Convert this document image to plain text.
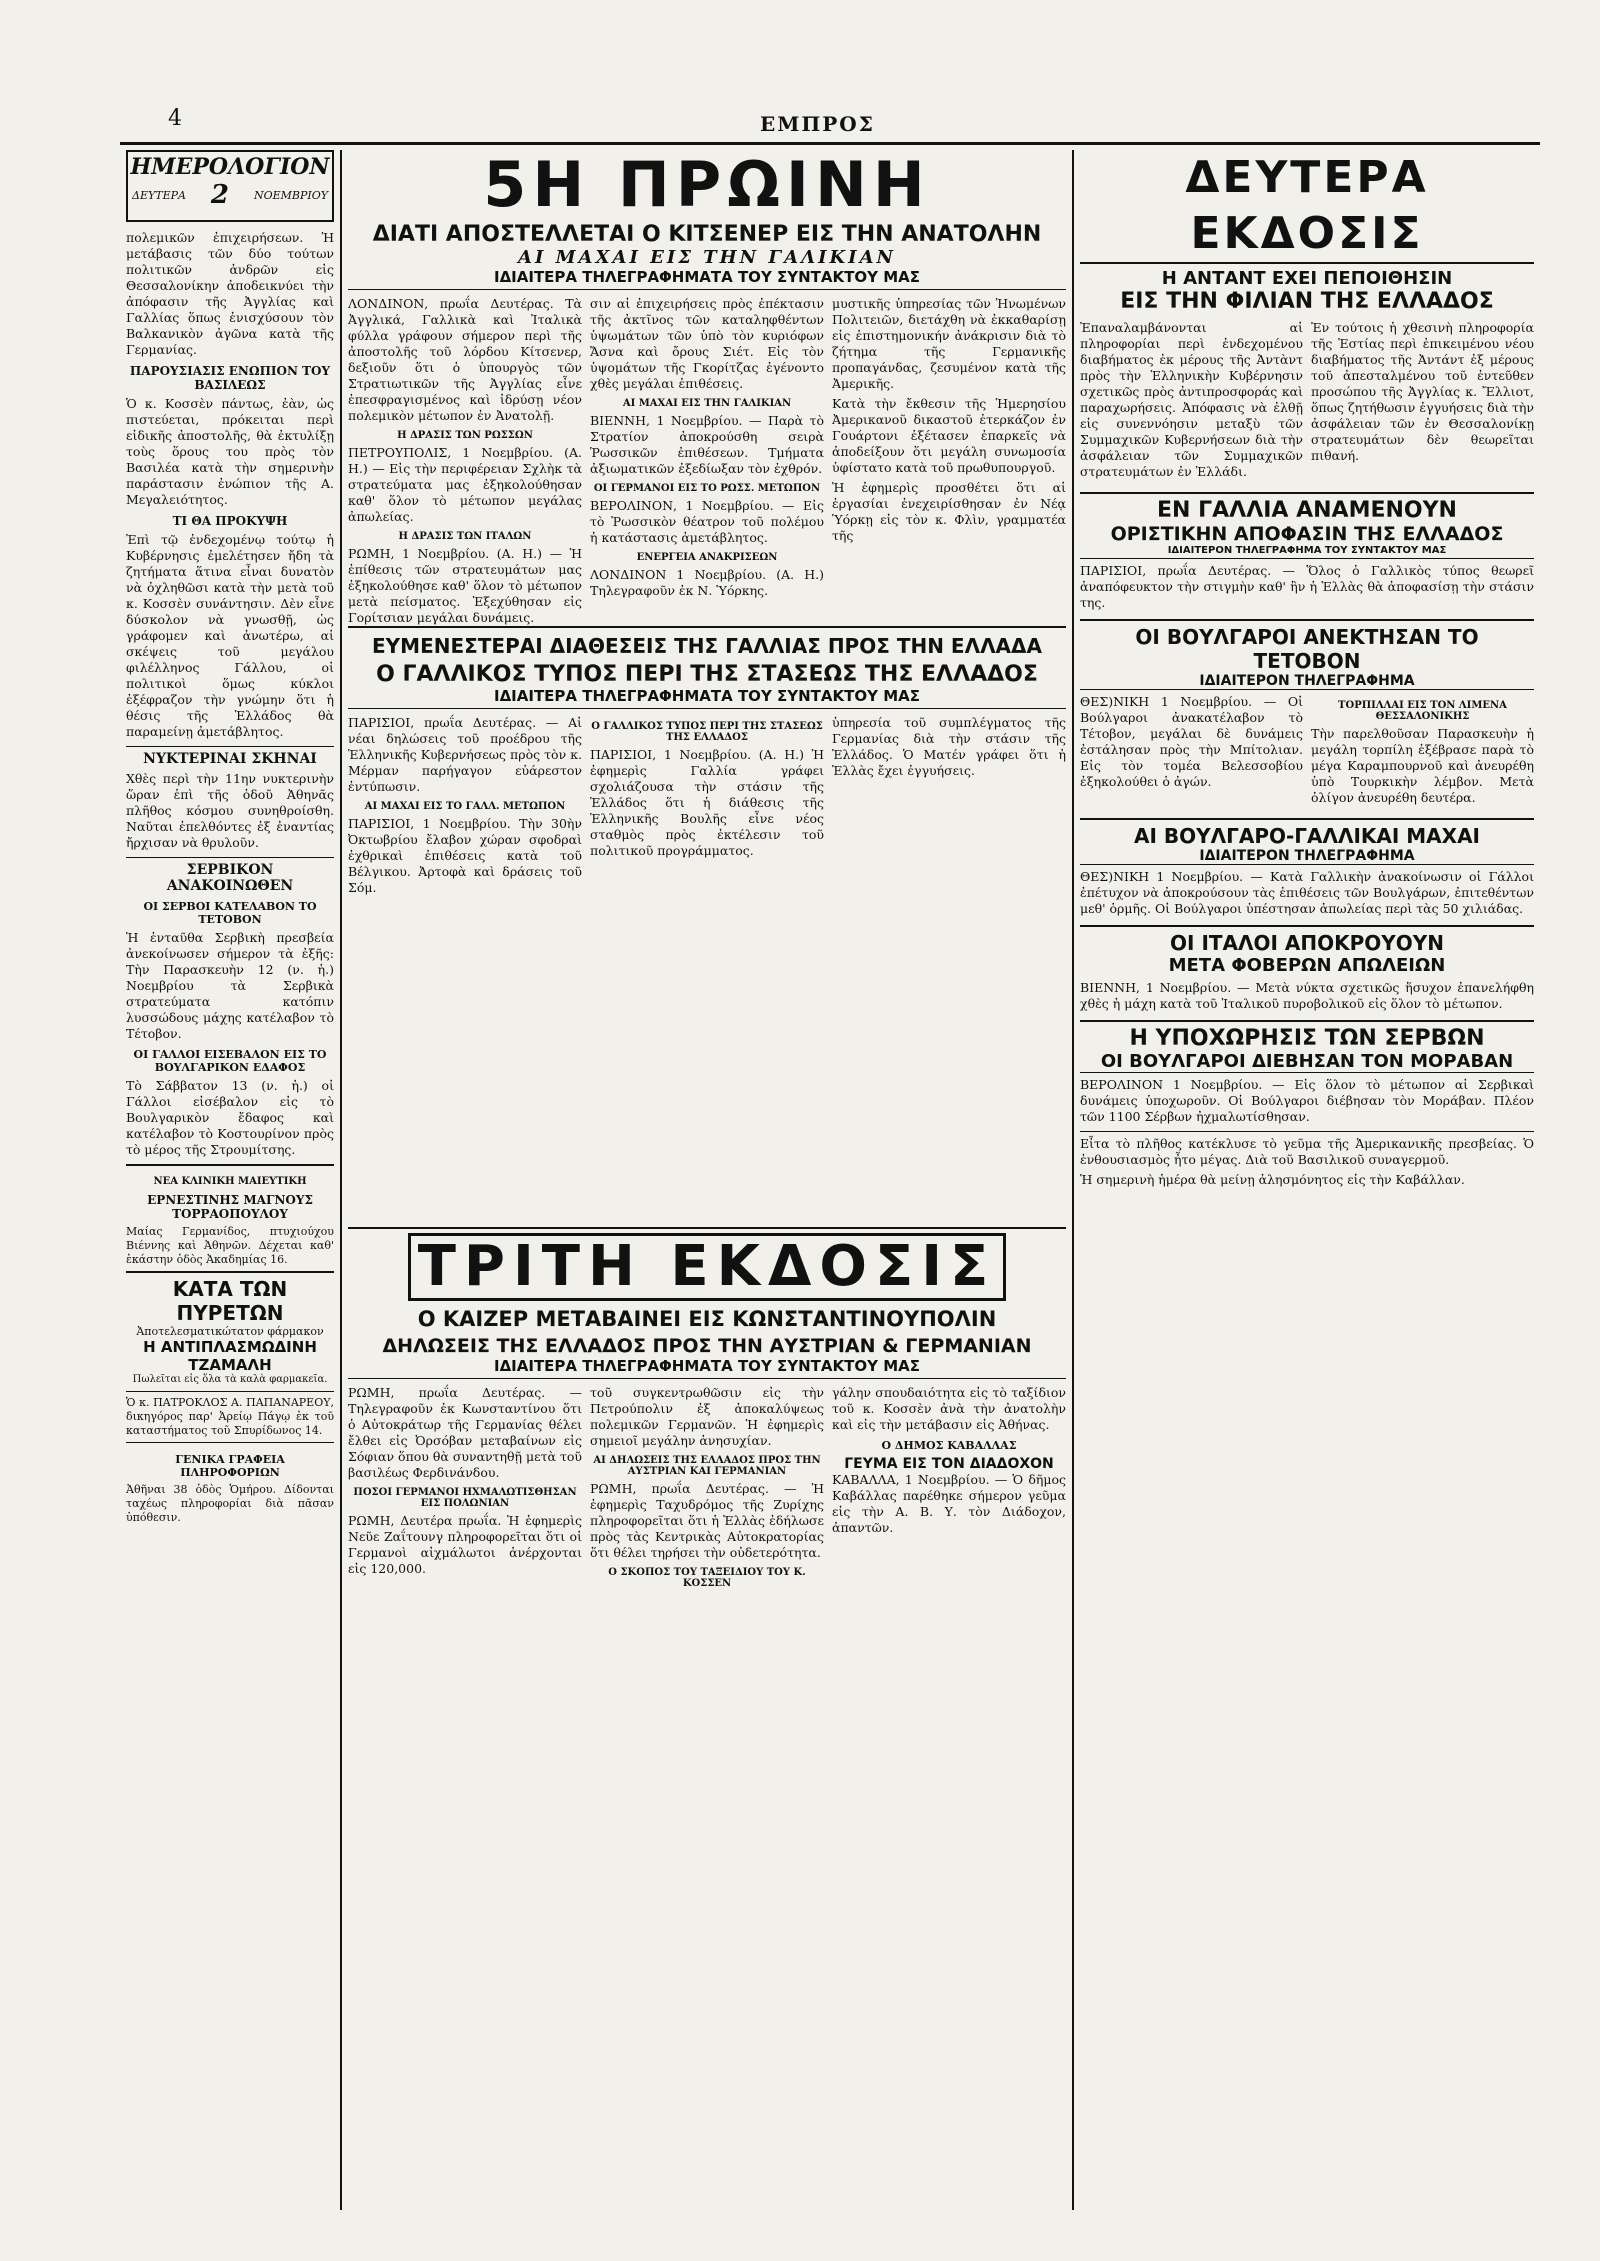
4	ΕΜΠΡΟΣ
ΗΜΕΡΟΛΟΓΙΟΝ
ΔΕΥΤΕΡΑ 2 ΝΟΕΜΒΡΙΟΥ

πολεμικῶν ἐπιχειρήσεων. Ἡ μετάβασις τῶν δύο τούτων πολιτικῶν ἀνδρῶν εἰς Θεσσαλονίκην ἀποδεικνύει τὴν ἀπόφασιν τῆς Ἀγγλίας καὶ Γαλλίας ὅπως ἐνισχύσουν τὸν Βαλκανικὸν ἀγῶνα κατὰ τῆς Γερμανίας.

ΠΑΡΟΥΣΙΑΣΙΣ ΕΝΩΠΙΟΝ ΤΟΥ ΒΑΣΙΛΕΩΣ

Ὁ κ. Κοσσὲν πάντως, ἐὰν, ὡς πιστεύεται, πρόκειται περὶ εἰδικῆς ἀποστολῆς, θὰ ἐκτυλίξῃ τοὺς ὅρους του πρὸς τὸν Βασιλέα κατὰ τὴν σημερινὴν παράστασιν ἐνώπιον τῆς Α. Μεγαλειότητος.

ΤΙ ΘΑ ΠΡΟΚΥΨΗ

Ἐπὶ τῷ ἐνδεχομένῳ τούτῳ ἡ Κυβέρνησις ἐμελέτησεν ἤδη τὰ ζητήματα ἅτινα εἶναι δυνατὸν νὰ ὀχληθῶσι κατὰ τὴν μετὰ τοῦ κ. Κοσσὲν συνάντησιν. Δὲν εἶνε δύσκολον νὰ γνωσθῇ, ὡς γράφομεν καὶ ἀνωτέρω, αἱ σκέψεις τοῦ μεγάλου φιλέλληνος Γάλλου, οἱ πολιτικοὶ ὅμως κύκλοι ἐξέφραζον τὴν γνώμην ὅτι ἡ θέσις τῆς Ἑλλάδος θὰ παραμείνῃ ἀμετάβλητος.

ΝΥΚΤΕΡΙΝΑΙ ΣΚΗΝΑΙ

Χθὲς περὶ τὴν 11ην νυκτερινὴν ὥραν ἐπὶ τῆς ὁδοῦ Ἀθηνᾶς πλῆθος κόσμου συνηθροίσθη. Ναῦται ἐπελθόντες ἐξ ἐναντίας ἤρχισαν νὰ θρυλοῦν.

ΣΕΡΒΙΚΟΝ ΑΝΑΚΟΙΝΩΘΕΝ
ΟΙ ΣΕΡΒΟΙ ΚΑΤΕΛΑΒΟΝ ΤΟ ΤΕΤΟΒΟΝ

Ἡ ἐνταῦθα Σερβικὴ πρεσβεία ἀνεκοίνωσεν σήμερον τὰ ἐξῆς: Τὴν Παρασκευὴν 12 (ν. ἡ.) Νοεμβρίου τὰ Σερβικὰ στρατεύματα κατόπιν λυσσώδους μάχης κατέλαβον τὸ Τέτοβον.

ΟΙ ΓΑΛΛΟΙ ΕΙΣΕΒΑΛΟΝ ΕΙΣ ΤΟ ΒΟΥΛΓΑΡΙΚΟΝ ΕΔΑΦΟΣ

Τὸ Σάββατον 13 (ν. ἡ.) οἱ Γάλλοι εἰσέβαλον εἰς τὸ Βουλγαρικὸν ἔδαφος καὶ κατέλαβον τὸ Κοστουρίνον πρὸς τὸ μέρος τῆς Στρουμίτσης.

ΝΕΑ ΚΛΙΝΙΚΗ ΜΑΙΕΥΤΙΚΗ
ΕΡΝΕΣΤΙΝΗΣ ΜΑΓΝΟΥΣ ΤΟΡΡΑΟΠΟΥΛΟΥ

Μαίας Γερμανίδος, πτυχιούχου Βιέννης καὶ Ἀθηνῶν. Δέχεται καθ' ἑκάστην ὁδὸς Ἀκαδημίας 16.

ΚΑΤΑ ΤΩΝ ΠΥΡΕΤΩΝ
Ἀποτελεσματικώτατον φάρμακον
Η ΑΝΤΙΠΛΑΣΜΩΔΙΝΗ ΤΖΑΜΑΛΗ

Πωλεῖται εἰς ὅλα τὰ καλὰ φαρμακεῖα.

Ὁ κ. ΠΑΤΡΟΚΛΟΣ Α. ΠΑΠΑΝΑΡΕΟΥ, δικηγόρος παρ' Ἀρείῳ Πάγῳ ἐκ τοῦ καταστήματος τοῦ Σπυρίδωνος 14.

ΓΕΝΙΚΑ ΓΡΑΦΕΙΑ ΠΛΗΡΟΦΟΡΙΩΝ

Ἀθῆναι 38 ὁδὸς Ὁμήρου. Δίδονται ταχέως πληροφορίαι διὰ πᾶσαν ὑπόθεσιν.

5Η ΠΡΩΙΝΗ
ΔΙΑΤΙ ΑΠΟΣΤΕΛΛΕΤΑΙ Ο ΚΙΤΣΕΝΕΡ ΕΙΣ ΤΗΝ ΑΝΑΤΟΛΗΝ
ΑΙ ΜΑΧΑΙ ΕΙΣ ΤΗΝ ΓΑΛΙΚΙΑΝ
ΙΔΙΑΙΤΕΡΑ ΤΗΛΕΓΡΑΦΗΜΑΤΑ ΤΟΥ ΣΥΝΤΑΚΤΟΥ ΜΑΣ

ΛΟΝΔΙΝΟΝ, πρωΐα Δευτέρας. Τὰ Ἀγγλικά, Γαλλικὰ καὶ Ἰταλικὰ φύλλα γράφουν σήμερον περὶ τῆς ἀποστολῆς τοῦ λόρδου Κίτσενερ, δεξιοῦν ὅτι ὁ ὑπουργὸς τῶν Στρατιωτικῶν τῆς Ἀγγλίας εἶνε ἐπεσφραγισμένος καὶ ἰδρύσῃ νέον πολεμικὸν μέτωπον ἐν Ἀνατολῇ.

Η ΔΡΑΣΙΣ ΤΩΝ ΡΩΣΣΩΝ

ΠΕΤΡΟΥΠΟΛΙΣ, 1 Νοεμβρίου. (Α. Η.) — Εἰς τὴν περιφέρειαν Σχλὴκ τὰ στρατεύματα μας ἐξηκολούθησαν καθ' ὅλον τὸ μέτωπον μεγάλας ἀπωλείας.

Η ΔΡΑΣΙΣ ΤΩΝ ΙΤΑΛΩΝ

ΡΩΜΗ, 1 Νοεμβρίου. (Α. Η.) — Ἡ ἐπίθεσις τῶν στρατευμάτων μας ἐξηκολούθησε καθ' ὅλον τὸ μέτωπον μετὰ πείσματος. Ἐξεχύθησαν εἰς Γορίτσιαν μεγάλαι δυνάμεις.

σιν αἱ ἐπιχειρήσεις πρὸς ἐπέκτασιν τῆς ἀκτῖνος τῶν καταληφθέντων ὑψωμάτων τῶν ὑπὸ τὸν κυριόφων Ἄσνα καὶ ὄρους Σιέτ. Εἰς τὸν ὑψομάτων τῆς Γκορίτζας ἐγένοντο χθὲς μεγάλαι ἐπιθέσεις.

ΑΙ ΜΑΧΑΙ ΕΙΣ ΤΗΝ ΓΑΛΙΚΙΑΝ

ΒΙΕΝΝΗ, 1 Νοεμβρίου. — Παρὰ τὸ Στρατίον ἀποκρούσθη σειρὰ Ῥωσσικῶν ἐπιθέσεων. Τμήματα ἀξιωματικῶν ἐξεδίωξαν τὸν ἐχθρόν.

ΟΙ ΓΕΡΜΑΝΟΙ ΕΙΣ ΤΟ ΡΩΣΣ. ΜΕΤΩΠΟΝ

ΒΕΡΟΛΙΝΟΝ, 1 Νοεμβρίου. — Εἰς τὸ Ῥωσσικὸν θέατρον τοῦ πολέμου ἡ κατάστασις ἀμετάβλητος.

ΕΝΕΡΓΕΙΑ ΑΝΑΚΡΙΣΕΩΝ

ΛΟΝΔΙΝΟΝ 1 Νοεμβρίου. (Α. Η.) Τηλεγραφοῦν ἐκ Ν. Ὑόρκης.

μυστικῆς ὑπηρεσίας τῶν Ἡνωμένων Πολιτειῶν, διετάχθη νὰ ἐκκαθαρίσῃ εἰς ἐπιστημονικήν ἀνάκρισιν διὰ τὸ ζήτημα τῆς Γερμανικῆς προπαγάνδας, ζεσυμένον κατὰ τῆς Ἀμερικῆς.

Κατὰ τὴν ἔκθεσιν τῆς Ἡμερησίου Ἀμερικανοῦ δικαστοῦ ἐτερκάζον ἐν Γουάρτονι ἐξέτασεν ἐπαρκεῖς νὰ ἀποδείξουν ὅτι μεγάλη συνωμοσία ὑφίστατο κατὰ τοῦ πρωθυπουργοῦ.

Ἡ ἐφημερὶς προσθέτει ὅτι αἱ ἐργασίαι ἐνεχειρίσθησαν ἐν Νέᾳ Ὑόρκῃ εἰς τὸν κ. Φλὶν, γραμματέα τῆς

ΕΥΜΕΝΕΣΤΕΡΑΙ ΔΙΑΘΕΣΕΙΣ ΤΗΣ ΓΑΛΛΙΑΣ ΠΡΟΣ ΤΗΝ ΕΛΛΑΔΑ
Ο ΓΑΛΛΙΚΟΣ ΤΥΠΟΣ ΠΕΡΙ ΤΗΣ ΣΤΑΣΕΩΣ ΤΗΣ ΕΛΛΑΔΟΣ
ΙΔΙΑΙΤΕΡΑ ΤΗΛΕΓΡΑΦΗΜΑΤΑ ΤΟΥ ΣΥΝΤΑΚΤΟΥ ΜΑΣ

ΠΑΡΙΣΙΟΙ, πρωΐα Δευτέρας. — Αἱ νέαι δηλώσεις τοῦ προέδρου τῆς Ἑλληνικῆς Κυβερνήσεως πρὸς τὸν κ. Μέρμαν παρήγαγον εὐάρεστον ἐντύπωσιν.

ΑΙ ΜΑΧΑΙ ΕΙΣ ΤΟ ΓΑΛΛ. ΜΕΤΩΠΟΝ

ΠΑΡΙΣΙΟΙ, 1 Νοεμβρίου. Τὴν 30ὴν Ὀκτωβρίου ἔλαβον χώραν σφοδραὶ ἐχθρικαὶ ἐπιθέσεις κατὰ τοῦ Βέλγικου. Ἀρτοφὰ καὶ δράσεις τοῦ Σόμ.

Ο ΓΑΛΛΙΚΟΣ ΤΥΠΟΣ ΠΕΡΙ ΤΗΣ ΣΤΑΣΕΩΣ ΤΗΣ ΕΛΛΑΔΟΣ

ΠΑΡΙΣΙΟΙ, 1 Νοεμβρίου. (Α. Η.) Ἡ ἐφημερὶς Γαλλία γράφει σχολιάζουσα τὴν στάσιν τῆς Ἑλλάδος ὅτι ἡ διάθεσις τῆς Ἑλληνικῆς Βουλῆς εἶνε νέος σταθμὸς πρὸς ἐκτέλεσιν τοῦ πολιτικοῦ προγράμματος.

ὑπηρεσία τοῦ συμπλέγματος τῆς Γερμανίας διὰ τὴν στάσιν τῆς Ἑλλάδος. Ὁ Ματέν γράφει ὅτι ἡ Ἑλλὰς ἔχει ἐγγυήσεις.

ΤΡΙΤΗ ΕΚΔΟΣΙΣ
Ο ΚΑΙΖΕΡ ΜΕΤΑΒΑΙΝΕΙ ΕΙΣ ΚΩΝΣΤΑΝΤΙΝΟΥΠΟΛΙΝ
ΔΗΛΩΣΕΙΣ ΤΗΣ ΕΛΛΑΔΟΣ ΠΡΟΣ ΤΗΝ ΑΥΣΤΡΙΑΝ & ΓΕΡΜΑΝΙΑΝ
ΙΔΙΑΙΤΕΡΑ ΤΗΛΕΓΡΑΦΗΜΑΤΑ ΤΟΥ ΣΥΝΤΑΚΤΟΥ ΜΑΣ

ΡΩΜΗ, πρωΐα Δευτέρας. — Τηλεγραφοῦν ἐκ Κωνσταντίνου ὅτι ὁ Αὐτοκράτωρ τῆς Γερμανίας θέλει ἔλθει εἰς Ὀρσόβαν μεταβαίνων εἰς Σόφιαν ὅπου θὰ συναντηθῇ μετὰ τοῦ βασιλέως Φερδινάνδου.

ΠΟΣΟΙ ΓΕΡΜΑΝΟΙ ΗΧΜΑΛΩΤΙΣΘΗΣΑΝ ΕΙΣ ΠΟΛΩΝΙΑΝ

ΡΩΜΗ, Δευτέρα πρωΐα. Ἡ ἐφημερὶς Νεῦε Ζαΐτουνγ πληροφορεῖται ὅτι οἱ Γερμανοὶ αἰχμάλωτοι ἀνέρχονται εἰς 120,000.

τοῦ συγκεντρωθῶσιν εἰς τὴν Πετρούπολιν ἐξ ἀποκαλύψεως πολεμικῶν Γερμανῶν. Ἡ ἐφημερὶς σημειοῖ μεγάλην ἀνησυχίαν.

ΑΙ ΔΗΛΩΣΕΙΣ ΤΗΣ ΕΛΛΑΔΟΣ ΠΡΟΣ ΤΗΝ ΑΥΣΤΡΙΑΝ ΚΑΙ ΓΕΡΜΑΝΙΑΝ

ΡΩΜΗ, πρωΐα Δευτέρας. — Ἡ ἐφημερὶς Ταχυδρόμος τῆς Ζυρίχης πληροφορεῖται ὅτι ἡ Ἑλλὰς ἐδήλωσε πρὸς τὰς Κεντρικὰς Αὐτοκρατορίας ὅτι θέλει τηρήσει τὴν οὐδετερότητα.

Ο ΣΚΟΠΟΣ ΤΟΥ ΤΑΞΕΙΔΙΟΥ ΤΟΥ Κ. ΚΟΣΣΕΝ

γάλην σπουδαιότητα εἰς τὸ ταξίδιον τοῦ κ. Κοσσὲν ἀνὰ τὴν ἀνατολὴν καὶ εἰς τὴν μετάβασιν εἰς Ἀθήνας.

Ο ΔΗΜΟΣ ΚΑΒΑΛΛΑΣ
ΓΕΥΜΑ ΕΙΣ ΤΟΝ ΔΙΑΔΟΧΟΝ

ΚΑΒΑΛΛΑ, 1 Νοεμβρίου. — Ὁ δῆμος Καβάλλας παρέθηκε σήμερον γεῦμα εἰς τὴν Α. Β. Υ. τὸν Διάδοχον, ἀπαντῶν.

ΔΕΥΤΕΡΑ ΕΚΔΟΣΙΣ
Η ΑΝΤΑΝΤ ΕΧΕΙ ΠΕΠΟΙΘΗΣΙΝ
ΕΙΣ ΤΗΝ ΦΙΛΙΑΝ ΤΗΣ ΕΛΛΑΔΟΣ

Ἐπαναλαμβάνονται αἱ πληροφορίαι περὶ ἐνδεχομένου διαβήματος ἐκ μέρους τῆς Ἀντὰντ πρὸς τὴν Ἑλληνικὴν Κυβέρνησιν σχετικῶς πρὸς ἀντιπροσφοράς καὶ παραχωρήσεις. Ἀπόφασις νὰ ἐλθῇ εἰς συνεννόησιν μεταξὺ τῶν Συμμαχικῶν Κυβερνήσεων διὰ τὴν ἀσφάλειαν τῶν Συμμαχικῶν στρατευμάτων ἐν Ἑλλάδι.

Ἐν τούτοις ἡ χθεσινὴ πληροφορία τῆς Ἑστίας περὶ ἐπικειμένου νέου διαβήματος τῆς Ἀντάντ ἐξ μέρους τοῦ ἀπεσταλμένου τοῦ ἐντεῦθεν προσώπου τῆς Ἀγγλίας κ. Ἔλλιοτ, ὅπως ζητήθωσιν ἐγγυήσεις διὰ τὴν ἀσφάλειαν τῶν ἐν Θεσσαλονίκῃ στρατευμάτων δὲν θεωρεῖται πιθανή.

ΕΝ ΓΑΛΛΙΑ ΑΝΑΜΕΝΟΥΝ
ΟΡΙΣΤΙΚΗΝ ΑΠΟΦΑΣΙΝ ΤΗΣ ΕΛΛΑΔΟΣ
ΙΔΙΑΙΤΕΡΟΝ ΤΗΛΕΓΡΑΦΗΜΑ ΤΟΥ ΣΥΝΤΑΚΤΟΥ ΜΑΣ

ΠΑΡΙΣΙΟΙ, πρωΐα Δευτέρας. — Ὅλος ὁ Γαλλικὸς τύπος θεωρεῖ ἀναπόφευκτον τὴν στιγμὴν καθ' ἣν ἡ Ἑλλὰς θὰ ἀποφασίσῃ τὴν στάσιν της.

ΟΙ ΒΟΥΛΓΑΡΟΙ ΑΝΕΚΤΗΣΑΝ ΤΟ ΤΕΤΟΒΟΝ
ΙΔΙΑΙΤΕΡΟΝ ΤΗΛΕΓΡΑΦΗΜΑ

ΘΕΣ)ΝΙΚΗ 1 Νοεμβρίου. — Οἱ Βούλγαροι ἀνακατέλαβον τὸ Τέτοβον, μεγάλαι δὲ δυνάμεις ἐστάλησαν πρὸς τὴν Μπίτολιαν. Εἰς τὸν τομέα Βελεσσοβίου ἐξηκολούθει ὁ ἀγών.

ΤΟΡΠΙΛΛΑΙ ΕΙΣ ΤΟΝ ΛΙΜΕΝΑ ΘΕΣΣΑΛΟΝΙΚΗΣ

Τὴν παρελθοῦσαν Παρασκευὴν ἡ μεγάλη τορπίλη ἐξέβρασε παρὰ τὸ μέγα Καραμπουρνοῦ καὶ ἀνευρέθη ὑπὸ Τουρκικὴν λέμβον. Μετὰ ὀλίγον ἀνευρέθη δευτέρα.

ΑΙ ΒΟΥΛΓΑΡΟ-ΓΑΛΛΙΚΑΙ ΜΑΧΑΙ
ΙΔΙΑΙΤΕΡΟΝ ΤΗΛΕΓΡΑΦΗΜΑ

ΘΕΣ)ΝΙΚΗ 1 Νοεμβρίου. — Κατὰ Γαλλικὴν ἀνακοίνωσιν οἱ Γάλλοι ἐπέτυχον νὰ ἀποκρούσουν τὰς ἐπιθέσεις τῶν Βουλγάρων, ἐπιτεθέντων μεθ' ὁρμῆς. Οἱ Βούλγαροι ὑπέστησαν ἀπωλείας περὶ τὰς 50 χιλιάδας.

ΟΙ ΙΤΑΛΟΙ ΑΠΟΚΡΟΥΟΥΝ
ΜΕΤΑ ΦΟΒΕΡΩΝ ΑΠΩΛΕΙΩΝ

ΒΙΕΝΝΗ, 1 Νοεμβρίου. — Μετὰ νύκτα σχετικῶς ἥσυχον ἐπανελήφθη χθὲς ἡ μάχη κατὰ τοῦ Ἰταλικοῦ πυροβολικοῦ εἰς ὅλον τὸ μέτωπον.

Η ΥΠΟΧΩΡΗΣΙΣ ΤΩΝ ΣΕΡΒΩΝ
ΟΙ ΒΟΥΛΓΑΡΟΙ ΔΙΕΒΗΣΑΝ ΤΟΝ ΜΟΡΑΒΑΝ

ΒΕΡΟΛΙΝΟΝ 1 Νοεμβρίου. — Εἰς ὅλον τὸ μέτωπον αἱ Σερβικαὶ δυνάμεις ὑποχωροῦν. Οἱ Βούλγαροι διέβησαν τὸν Μοράβαν. Πλέον τῶν 1100 Σέρβων ἠχμαλωτίσθησαν.

Εἶτα τὸ πλῆθος κατέκλυσε τὸ γεῦμα τῆς Ἀμερικανικῆς πρεσβείας. Ὁ ἐνθουσιασμὸς ἦτο μέγας. Διὰ τοῦ Βασιλικοῦ συναγερμοῦ.

Ἡ σημερινὴ ἡμέρα θὰ μείνῃ ἀλησμόνητος εἰς τὴν Καβάλλαν.
